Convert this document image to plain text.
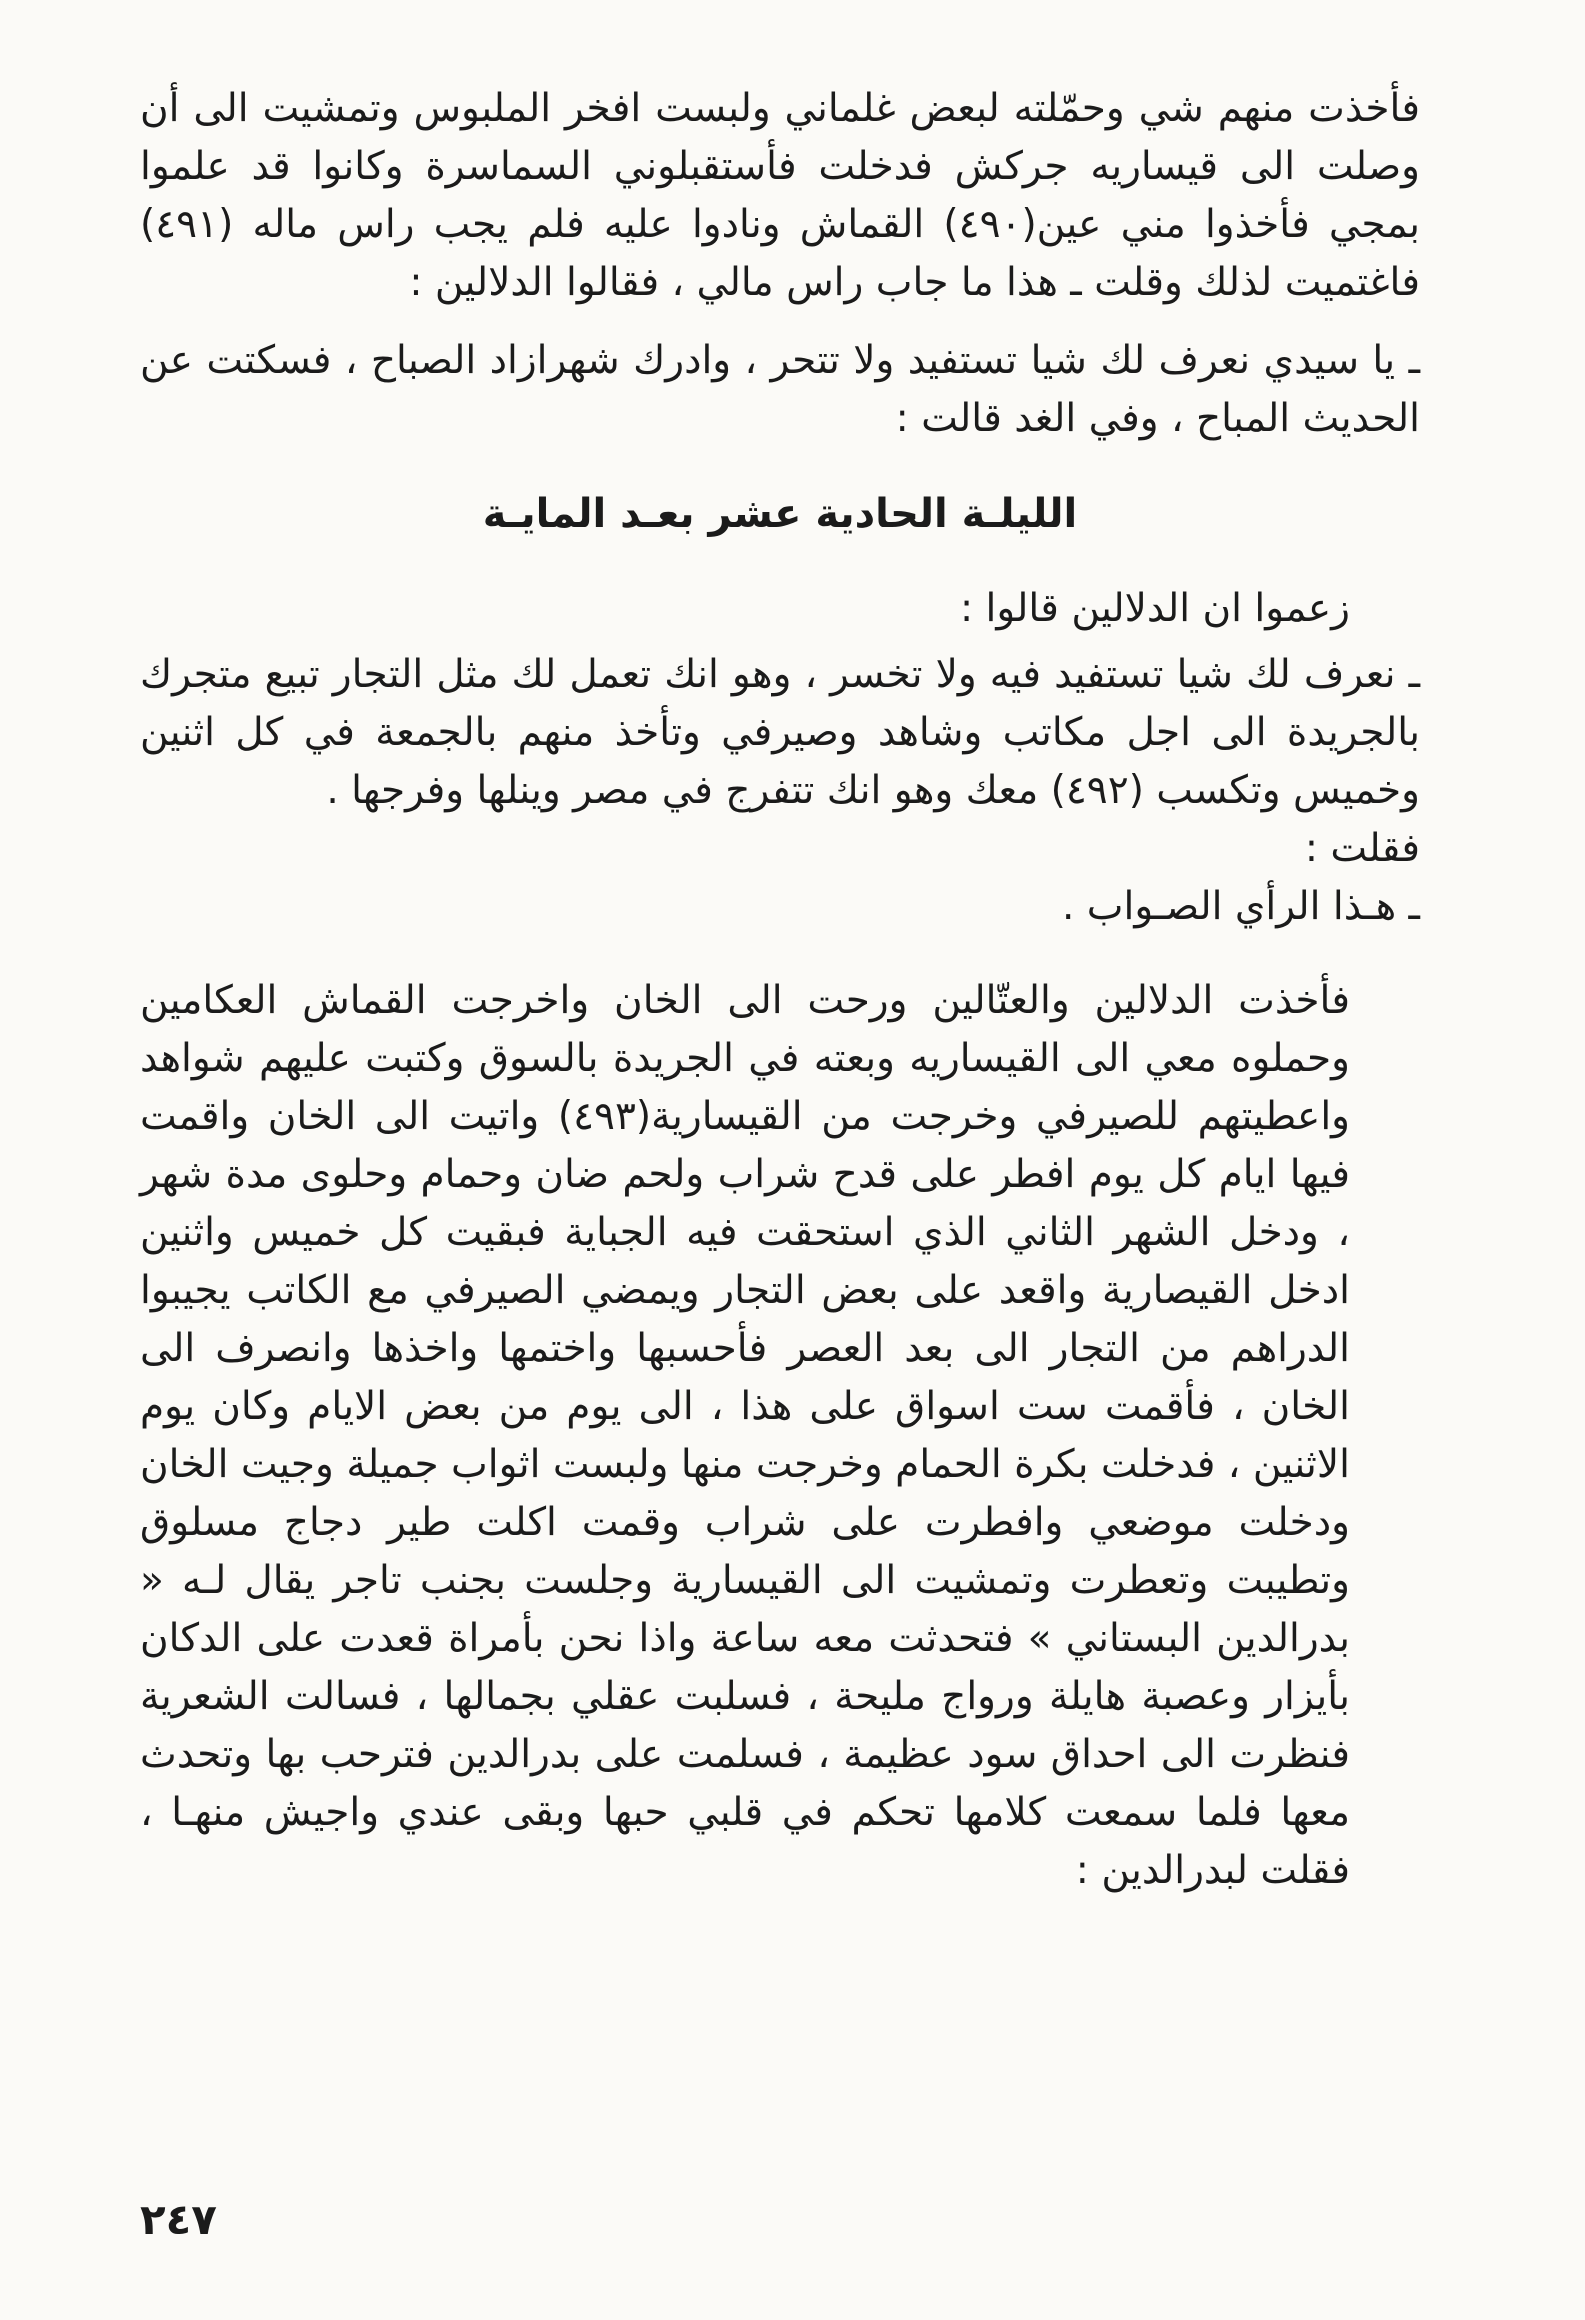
فأخذت منهم شي وحمّلته لبعض غلماني ولبست افخر الملبوس وتمشيت الى أن وصلت الى قيساريه جركش فدخلت فأستقبلوني السماسرة وكانوا قد علموا بمجي فأخذوا مني عين(٤٩٠) القماش ونادوا عليه فلم يجب راس ماله (٤٩١) فاغتميت لذلك وقلت ـ هذا ما جاب راس مالي ، فقالوا الدلالين :

ـ يا سيدي نعرف لك شيا تستفيد ولا تتحر ، وادرك شهرازاد الصباح ، فسكتت عن الحديث المباح ، وفي الغد قالت :

الليلـة الحادية عشر بعـد المايـة

زعموا ان الدلالين قالوا :

ـ نعرف لك شيا تستفيد فيه ولا تخسر ، وهو انك تعمل لك مثل التجار تبيع متجرك بالجريدة الى اجل مكاتب وشاهد وصيرفي وتأخذ منهم بالجمعة في كل اثنين وخميس وتكسب (٤٩٢) معك وهو انك تتفرج في مصر وينلها وفرجها .

فقلت :

ـ هـذا الرأي الصـواب .

فأخذت الدلالين والعتّالين ورحت الى الخان واخرجت القماش العكامين وحملوه معي الى القيساريه وبعته في الجريدة بالسوق وكتبت عليهم شواهد واعطيتهم للصيرفي وخرجت من القيسارية(٤٩٣) واتيت الى الخان واقمت فيها ايام كل يوم افطر على قدح شراب ولحم ضان وحمام وحلوى مدة شهر ، ودخل الشهر الثاني الذي استحقت فيه الجباية فبقيت كل خميس واثنين ادخل القيصارية واقعد على بعض التجار ويمضي الصيرفي مع الكاتب يجيبوا الدراهم من التجار الى بعد العصر فأحسبها واختمها واخذها وانصرف الى الخان ، فأقمت ست اسواق على هذا ، الى يوم من بعض الايام وكان يوم الاثنين ، فدخلت بكرة الحمام وخرجت منها ولبست اثواب جميلة وجيت الخان ودخلت موضعي وافطرت على شراب وقمت اكلت طير دجاج مسلوق وتطيبت وتعطرت وتمشيت الى القيسارية وجلست بجنب تاجر يقال لـه « بدرالدين البستاني » فتحدثت معه ساعة واذا نحن بأمراة قعدت على الدكان بأيزار وعصبة هايلة ورواج مليحة ، فسلبت عقلي بجمالها ، فسالت الشعرية فنظرت الى احداق سود عظيمة ، فسلمت على بدرالدين فترحب بها وتحدث معها فلما سمعت كلامها تحكم في قلبي حبها وبقى عندي واجيش منهـا ، فقلت لبدرالدين :

٢٤٧
